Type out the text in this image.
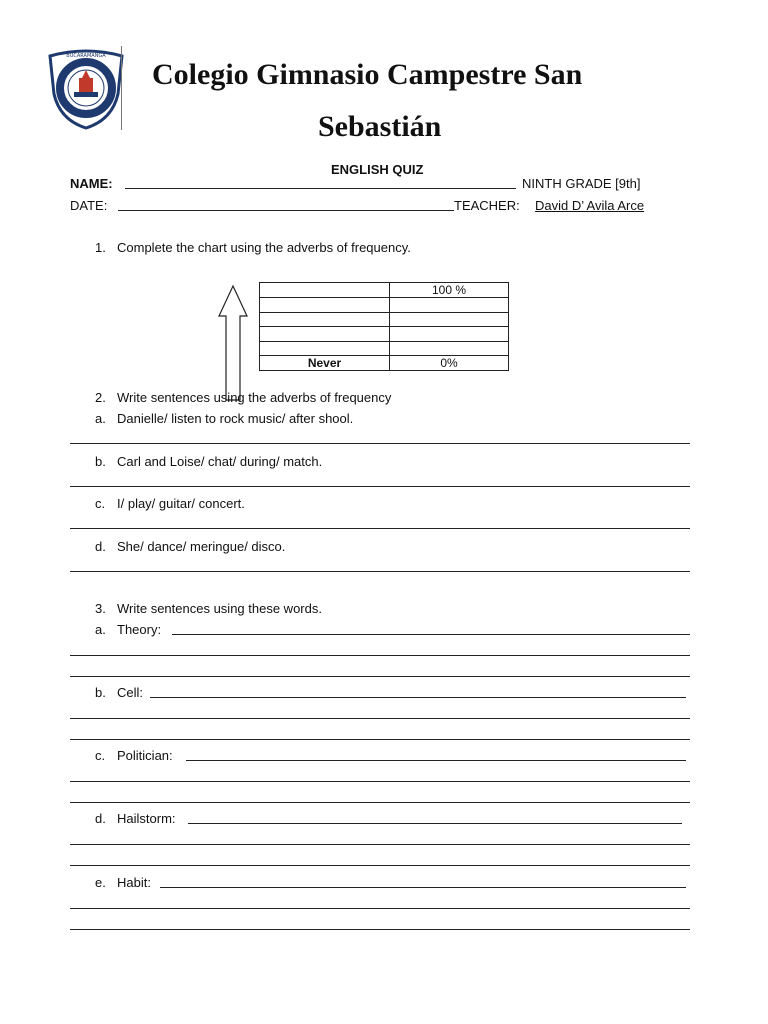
BUCARAMANGA
Colegio Gimnasio Campestre San
Sebastián
ENGLISH QUIZ
NAME:	NINTH GRADE [9th]
DATE:	TEACHER: David D’ Avila Arce
1. Complete the chart using the adverbs of frequency.
	100 %

Never	0%
2. Write sentences using the adverbs of frequency
a. Danielle/ listen to rock music/ after shool.
b. Carl and Loise/ chat/ during/ match.
c. I/ play/ guitar/ concert.
d. She/ dance/ meringue/ disco.
3. Write sentences using these words.
a. Theory:
b. Cell:
c. Politician:
d. Hailstorm:
e. Habit:
